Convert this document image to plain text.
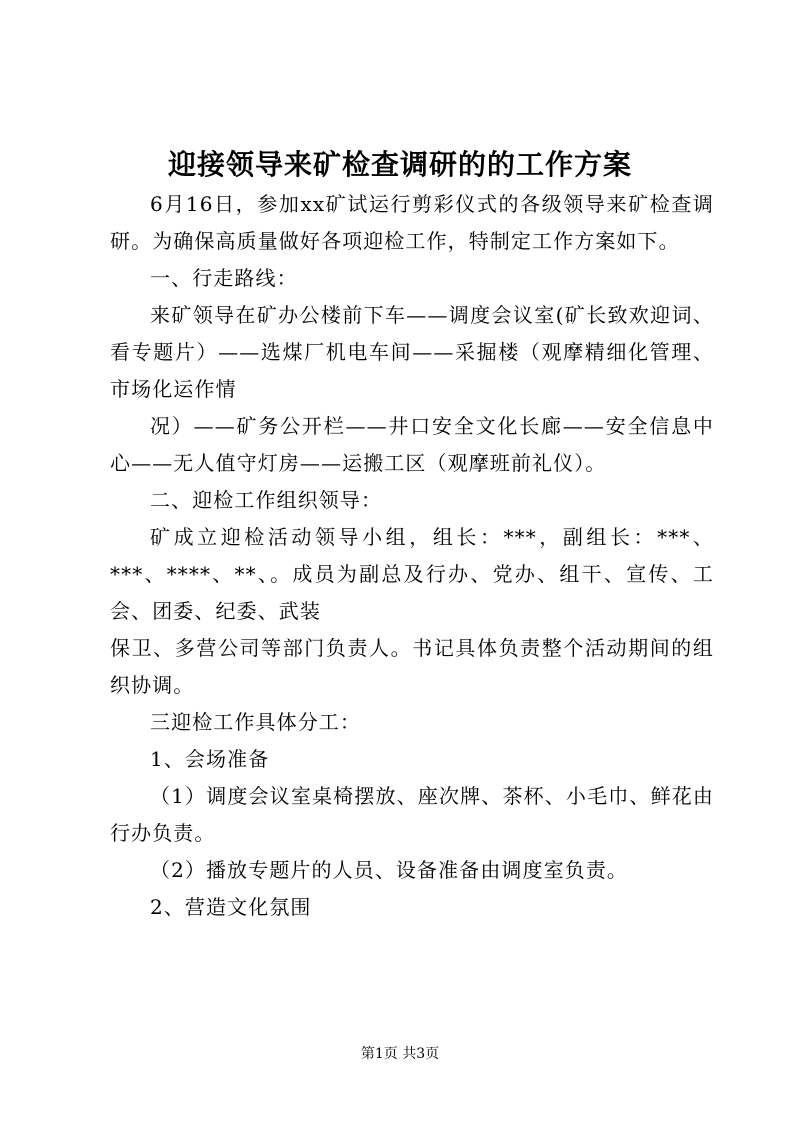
迎接领导来矿检查调研的的工作方案

6月16日，参加xx矿试运行剪彩仪式的各级领导来矿检查调研。为确保高质量做好各项迎检工作，特制定工作方案如下。

一、行走路线：

来矿领导在矿办公楼前下车——调度会议室(矿长致欢迎词、看专题片）——选煤厂机电车间——采掘楼（观摩精细化管理、市场化运作情

况）——矿务公开栏——井口安全文化长廊——安全信息中心——无人值守灯房——运搬工区（观摩班前礼仪）。

二、迎检工作组织领导：

矿成立迎检活动领导小组，组长：***，副组长：***、***、****、**、。成员为副总及行办、党办、组干、宣传、工会、团委、纪委、武装

保卫、多营公司等部门负责人。书记具体负责整个活动期间的组织协调。

三迎检工作具体分工：

1、会场准备

（1）调度会议室桌椅摆放、座次牌、茶杯、小毛巾、鲜花由行办负责。

（2）播放专题片的人员、设备准备由调度室负责。

2、营造文化氛围

第1页 共3页
